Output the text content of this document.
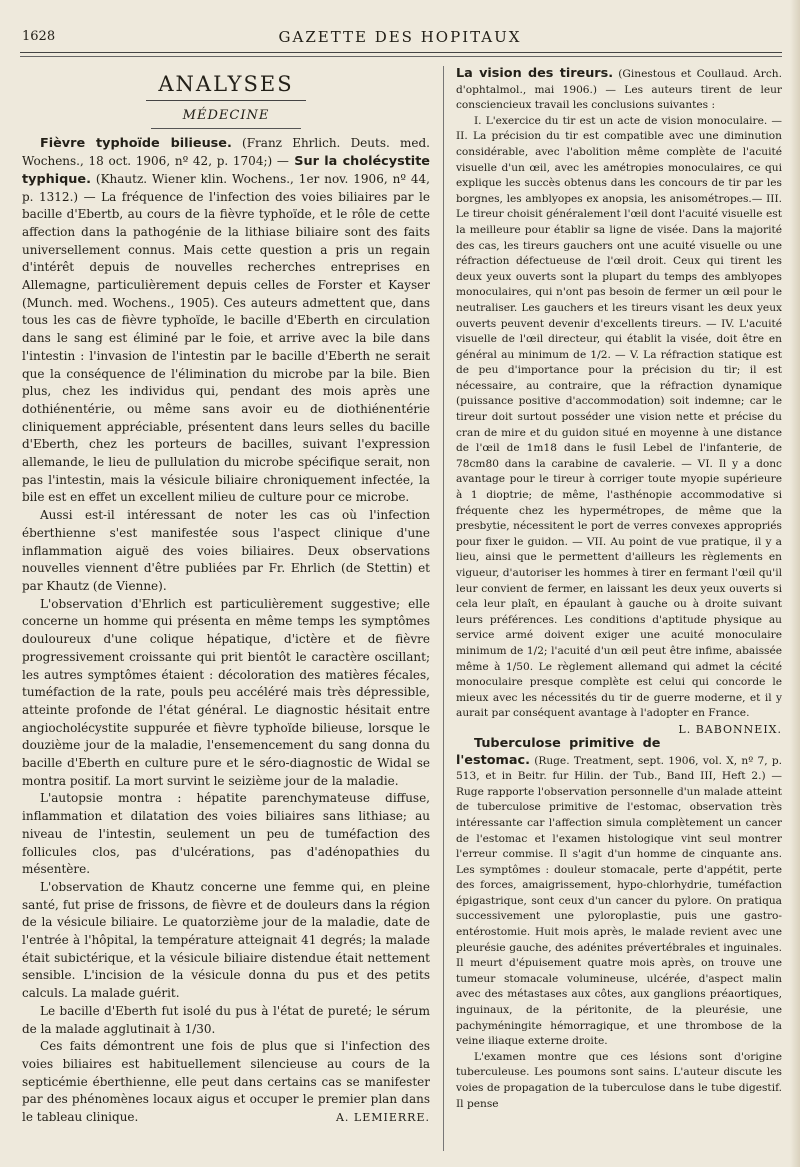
1628	GAZETTE DES HOPITAUX
ANALYSES
MÉDECINE

Fièvre typhoïde bilieuse. (Franz Ehrlich. Deuts. med. Wochens., 18 oct. 1906, nº 42, p. 1704;) — Sur la cholécystite typhique. (Khautz. Wiener klin. Wochens., 1er nov. 1906, nº 44, p. 1312.) — La fréquence de l'infection des voies biliaires par le bacille d'Ebertb, au cours de la fièvre typhoïde, et le rôle de cette affection dans la pathogénie de la lithiase biliaire sont des faits universellement connus. Mais cette question a pris un regain d'intérêt depuis de nouvelles recherches entreprises en Allemagne, particulièrement depuis celles de Forster et Kayser (Munch. med. Wochens., 1905). Ces auteurs admettent que, dans tous les cas de fièvre typhoïde, le bacille d'Eberth en circulation dans le sang est éliminé par le foie, et arrive avec la bile dans l'intestin : l'invasion de l'intestin par le bacille d'Eberth ne serait que la conséquence de l'élimination du microbe par la bile. Bien plus, chez les individus qui, pendant des mois après une dothiénentérie, ou même sans avoir eu de diothiénentérie cliniquement appréciable, présentent dans leurs selles du bacille d'Eberth, chez les porteurs de bacilles, suivant l'expression allemande, le lieu de pullulation du microbe spécifique serait, non pas l'intestin, mais la vésicule biliaire chroniquement infectée, la bile est en effet un excellent milieu de culture pour ce microbe.

Aussi est-il intéressant de noter les cas où l'infection éberthienne s'est manifestée sous l'aspect clinique d'une inflammation aiguë des voies biliaires. Deux observations nouvelles viennent d'être publiées par Fr. Ehrlich (de Stettin) et par Khautz (de Vienne).

L'observation d'Ehrlich est particulièrement suggestive; elle concerne un homme qui présenta en même temps les symptômes douloureux d'une colique hépatique, d'ictère et de fièvre progressivement croissante qui prit bientôt le caractère oscillant; les autres symptômes étaient : décoloration des matières fécales, tuméfaction de la rate, pouls peu accéléré mais très dépressible, atteinte profonde de l'état général. Le diagnostic hésitait entre angiocholécystite suppurée et fièvre typhoïde bilieuse, lorsque le douzième jour de la maladie, l'ensemencement du sang donna du bacille d'Eberth en culture pure et le séro-diagnostic de Widal se montra positif. La mort survint le seizième jour de la maladie.

L'autopsie montra : hépatite parenchymateuse diffuse, inflammation et dilatation des voies biliaires sans lithiase; au niveau de l'intestin, seulement un peu de tuméfaction des follicules clos, pas d'ulcérations, pas d'adénopathies du mésentère.

L'observation de Khautz concerne une femme qui, en pleine santé, fut prise de frissons, de fièvre et de douleurs dans la région de la vésicule biliaire. Le quatorzième jour de la maladie, date de l'entrée à l'hôpital, la température atteignait 41 degrés; la malade était subictérique, et la vésicule biliaire distendue était nettement sensible. L'incision de la vésicule donna du pus et des petits calculs. La malade guérit.

Le bacille d'Eberth fut isolé du pus à l'état de pureté; le sérum de la malade agglutinait à 1/30.

Ces faits démontrent une fois de plus que si l'infection des voies biliaires est habituellement silencieuse au cours de la septicémie éberthienne, elle peut dans certains cas se manifester par des phénomènes locaux aigus et occuper le premier plan dans le tableau clinique.	A. LEMIERRE.

La vision des tireurs. (Ginestous et Coullaud. Arch. d'ophtalmol., mai 1906.) — Les auteurs tirent de leur consciencieux travail les conclusions suivantes :

I. L'exercice du tir est un acte de vision monoculaire. — II. La précision du tir est compatible avec une diminution considérable, avec l'abolition même complète de l'acuité visuelle d'un œil, avec les amétropies monoculaires, ce qui explique les succès obtenus dans les concours de tir par les borgnes, les amblyopes ex anopsia, les anisométropes.— III. Le tireur choisit généralement l'œil dont l'acuité visuelle est la meilleure pour établir sa ligne de visée. Dans la majorité des cas, les tireurs gauchers ont une acuité visuelle ou une réfraction défectueuse de l'œil droit. Ceux qui tirent les deux yeux ouverts sont la plupart du temps des amblyopes monoculaires, qui n'ont pas besoin de fermer un œil pour le neutraliser. Les gauchers et les tireurs visant les deux yeux ouverts peuvent devenir d'excellents tireurs. — IV. L'acuité visuelle de l'œil directeur, qui établit la visée, doit être en général au minimum de 1/2. — V. La réfraction statique est de peu d'importance pour la précision du tir; il est nécessaire, au contraire, que la réfraction dynamique (puissance positive d'accommodation) soit indemne; car le tireur doit surtout posséder une vision nette et précise du cran de mire et du guidon situé en moyenne à une distance de l'œil de 1m18 dans le fusil Lebel de l'infanterie, de 78cm80 dans la carabine de cavalerie. — VI. Il y a donc avantage pour le tireur à corriger toute myopie supérieure à 1 dioptrie; de même, l'asthénopie accommodative si fréquente chez les hypermétropes, de même que la presbytie, nécessitent le port de verres convexes appropriés pour fixer le guidon. — VII. Au point de vue pratique, il y a lieu, ainsi que le permettent d'ailleurs les règlements en vigueur, d'autoriser les hommes à tirer en fermant l'œil qu'il leur convient de fermer, en laissant les deux yeux ouverts si cela leur plaît, en épaulant à gauche ou à droite suivant leurs préférences. Les conditions d'aptitude physique au service armé doivent exiger une acuité monoculaire minimum de 1/2; l'acuité d'un œil peut être infime, abaissée même à 1/50. Le règlement allemand qui admet la cécité monoculaire presque complète est celui qui concorde le mieux avec les nécessités du tir de guerre moderne, et il y aurait par conséquent avantage à l'adopter en France.
L. BABONNEIX.

Tuberculose primitive de l'estomac. (Ruge. Treatment, sept. 1906, vol. X, nº 7, p. 513, et in Beitr. fur Hilin. der Tub., Band III, Heft 2.) — Ruge rapporte l'observation personnelle d'un malade atteint de tuberculose primitive de l'estomac, observation très intéressante car l'affection simula complètement un cancer de l'estomac et l'examen histologique vint seul montrer l'erreur commise. Il s'agit d'un homme de cinquante ans. Les symptômes : douleur stomacale, perte d'appétit, perte des forces, amaigrissement, hypo-chlorhydrie, tuméfaction épigastrique, sont ceux d'un cancer du pylore. On pratiqua successivement une pyloroplastie, puis une gastro-entérostomie. Huit mois après, le malade revient avec une pleurésie gauche, des adénites prévertébrales et inguinales. Il meurt d'épuisement quatre mois après, on trouve une tumeur stomacale volumineuse, ulcérée, d'aspect malin avec des métastases aux côtes, aux ganglions préaortiques, inguinaux, de la péritonite, de la pleurésie, une pachyméningite hémorragique, et une thrombose de la veine iliaque externe droite.

L'examen montre que ces lésions sont d'origine tuberculeuse. Les poumons sont sains. L'auteur discute les voies de propagation de la tuberculose dans le tube digestif. Il pense
